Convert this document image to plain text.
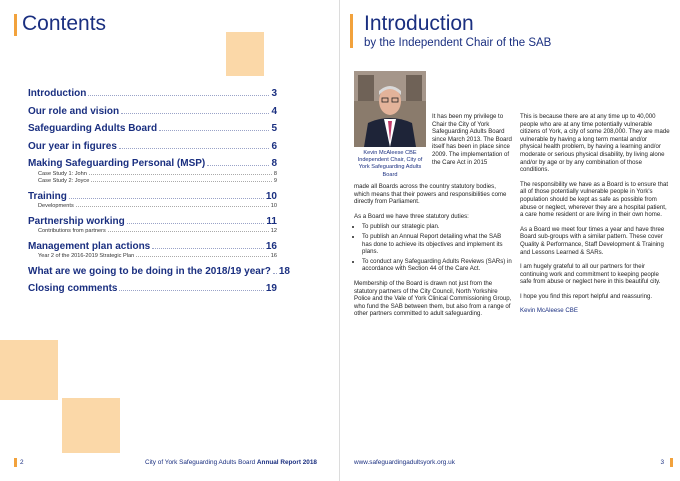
Contents
Introduction	3
Our role and vision	4
Safeguarding Adults Board	5
Our year in figures	6
Making Safeguarding Personal (MSP)	8
Case Study 1: John	8
Case Study 2: Joyce	9
Training	10
Developments	10
Partnership working	11
Contributions from partners	12
Management plan actions	16
Year 2 of the 2016-2019 Strategic Plan	16
What are we going to be doing in the 2018/19 year? 18
Closing comments	19
2	City of York Safeguarding Adults Board Annual Report 2018
Introduction
by the Independent Chair of the SAB
Kevin McAleese CBE Independent Chair, City of York Safeguarding Adults Board

It has been my privilege to Chair the City of York Safeguarding Adults Board since March 2013. The Board itself has been in place since 2009. The implementation of the Care Act in 2015

made all Boards across the country statutory bodies, which means that their powers and responsibilities come directly from Parliament.

As a Board we have three statutory duties:

• To publish our strategic plan.
• To publish an Annual Report detailing what the SAB has done to achieve its objectives and implement its plans.
• To conduct any Safeguarding Adults Reviews (SARs) in accordance with Section 44 of the Care Act.

Membership of the Board is drawn not just from the statutory partners of the City Council, North Yorkshire Police and the Vale of York Clinical Commissioning Group, who fund the SAB between them, but also from a range of other partners committed to adult safeguarding.

This is because there are at any time up to 40,000 people who are at any time potentially vulnerable citizens of York, a city of some 208,000. They are made vulnerable by having a long term mental and/or physical health problem, by having a learning and/or moderate or serious physical disability, by living alone and/or by age or by any combination of those conditions.

The responsibility we have as a Board is to ensure that all of those potentially vulnerable people in York's population should be kept as safe as possible from abuse or neglect, wherever they are a hospital patient, a care home resident or are living in their own home.

As a Board we meet four times a year and have three Board sub-groups with a similar pattern. These cover Quality & Performance, Staff Development & Training and Lessons Learned & SARs.

I am hugely grateful to all our partners for their continuing work and commitment to keeping people safe from abuse or neglect here in this beautiful city.

I hope you find this report helpful and reassuring.

Kevin McAleese CBE

www.safeguardingadultsyork.org.uk	3
